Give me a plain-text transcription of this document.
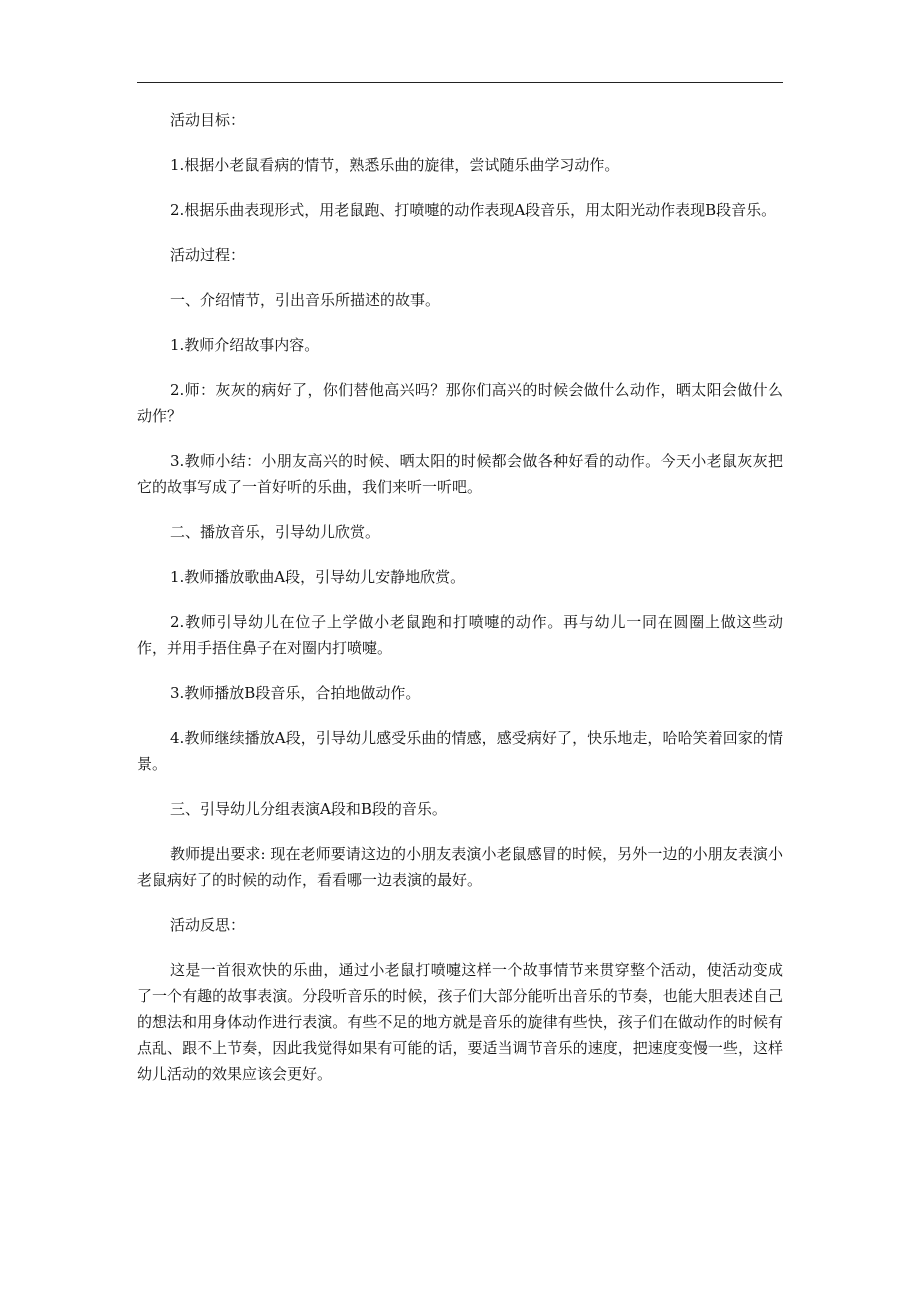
活动目标：

1.根据小老鼠看病的情节，熟悉乐曲的旋律，尝试随乐曲学习动作。

2.根据乐曲表现形式，用老鼠跑、打喷嚏的动作表现A段音乐，用太阳光动作表现B段音乐。

活动过程：

一、介绍情节，引出音乐所描述的故事。

1.教师介绍故事内容。

2.师：灰灰的病好了，你们替他高兴吗？那你们高兴的时候会做什么动作，晒太阳会做什么动作？

3.教师小结：小朋友高兴的时候、晒太阳的时候都会做各种好看的动作。今天小老鼠灰灰把它的故事写成了一首好听的乐曲，我们来听一听吧。

二、播放音乐，引导幼儿欣赏。

1.教师播放歌曲A段，引导幼儿安静地欣赏。

2.教师引导幼儿在位子上学做小老鼠跑和打喷嚏的动作。再与幼儿一同在圆圈上做这些动作，并用手捂住鼻子在对圈内打喷嚏。

3.教师播放B段音乐，合拍地做动作。

4.教师继续播放A段，引导幼儿感受乐曲的情感，感受病好了，快乐地走，哈哈笑着回家的情景。

三、引导幼儿分组表演A段和B段的音乐。

教师提出要求: 现在老师要请这边的小朋友表演小老鼠感冒的时候，另外一边的小朋友表演小老鼠病好了的时候的动作，看看哪一边表演的最好。

活动反思：

这是一首很欢快的乐曲，通过小老鼠打喷嚏这样一个故事情节来贯穿整个活动，使活动变成了一个有趣的故事表演。分段听音乐的时候，孩子们大部分能听出音乐的节奏，也能大胆表述自己的想法和用身体动作进行表演。有些不足的地方就是音乐的旋律有些快，孩子们在做动作的时候有点乱、跟不上节奏，因此我觉得如果有可能的话，要适当调节音乐的速度，把速度变慢一些，这样幼儿活动的效果应该会更好。
